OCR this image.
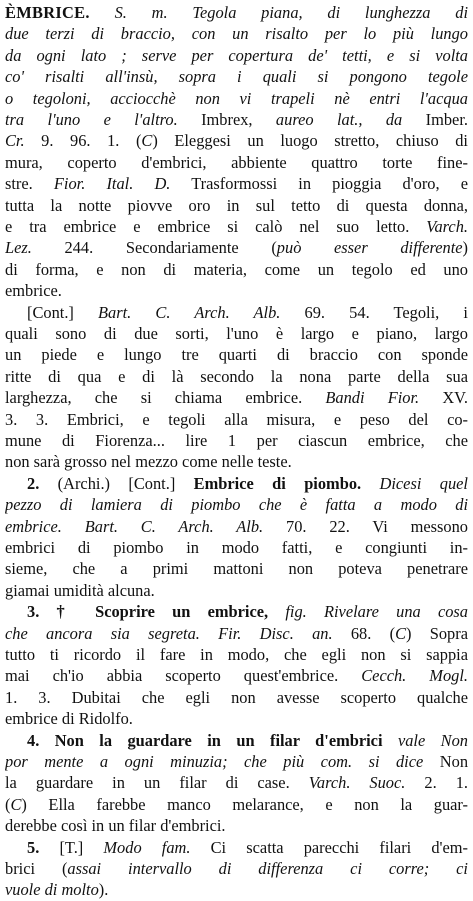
ÈMBRICE. S. m. Tegola piana, di lunghezza di
due terzi di braccio, con un risalto per lo più lungo
da ogni lato ; serve per copertura de' tetti, e si volta
co' risalti all'insù, sopra i quali si pongono tegole
o tegoloni, acciocchè non vi trapeli nè entri l'acqua
tra l'uno e l'altro. Imbrex, aureo lat., da Imber.
Cr. 9. 96. 1. (C) Eleggesi un luogo stretto, chiuso di
mura, coperto d'embrici, abbiente quattro torte fine-
stre. Fior. Ital. D. Trasformossi in pioggia d'oro, e
tutta la notte piovve oro in sul tetto di questa donna,
e tra embrice e embrice si calò nel suo letto. Varch.
Lez. 244. Secondariamente (può esser differente)
di forma, e non di materia, come un tegolo ed uno
embrice.
[Cont.] Bart. C. Arch. Alb. 69. 54. Tegoli, i
quali sono di due sorti, l'uno è largo e piano, largo
un piede e lungo tre quarti di braccio con sponde
ritte di qua e di là secondo la nona parte della sua
larghezza, che si chiama embrice. Bandi Fior. XV.
3. 3. Embrici, e tegoli alla misura, e peso del co-
mune di Fiorenza... lire 1 per ciascun embrice, che
non sarà grosso nel mezzo come nelle teste.
2. (Archi.) [Cont.] Embrice di piombo. Dicesi quel
pezzo di lamiera di piombo che è fatta a modo di
embrice. Bart. C. Arch. Alb. 70. 22. Vi messono
embrici di piombo in modo fatti, e congiunti in-
sieme, che a primi mattoni non poteva penetrare
giamai umidità alcuna.
3. † Scoprire un embrice, fig. Rivelare una cosa
che ancora sia segreta. Fir. Disc. an. 68. (C) Sopra
tutto ti ricordo il fare in modo, che egli non si sappia
mai ch'io abbia scoperto quest'embrice. Cecch. Mogl.
1. 3. Dubitai che egli non avesse scoperto qualche
embrice di Ridolfo.
4. Non la guardare in un filar d'embrici vale Non
por mente a ogni minuzia; che più com. si dice Non
la guardare in un filar di case. Varch. Suoc. 2. 1.
(C) Ella farebbe manco melarance, e non la guar-
derebbe così in un filar d'embrici.
5. [T.] Modo fam. Ci scatta parecchi filari d'em-
brici (assai intervallo di differenza ci corre; ci
vuole di molto).
